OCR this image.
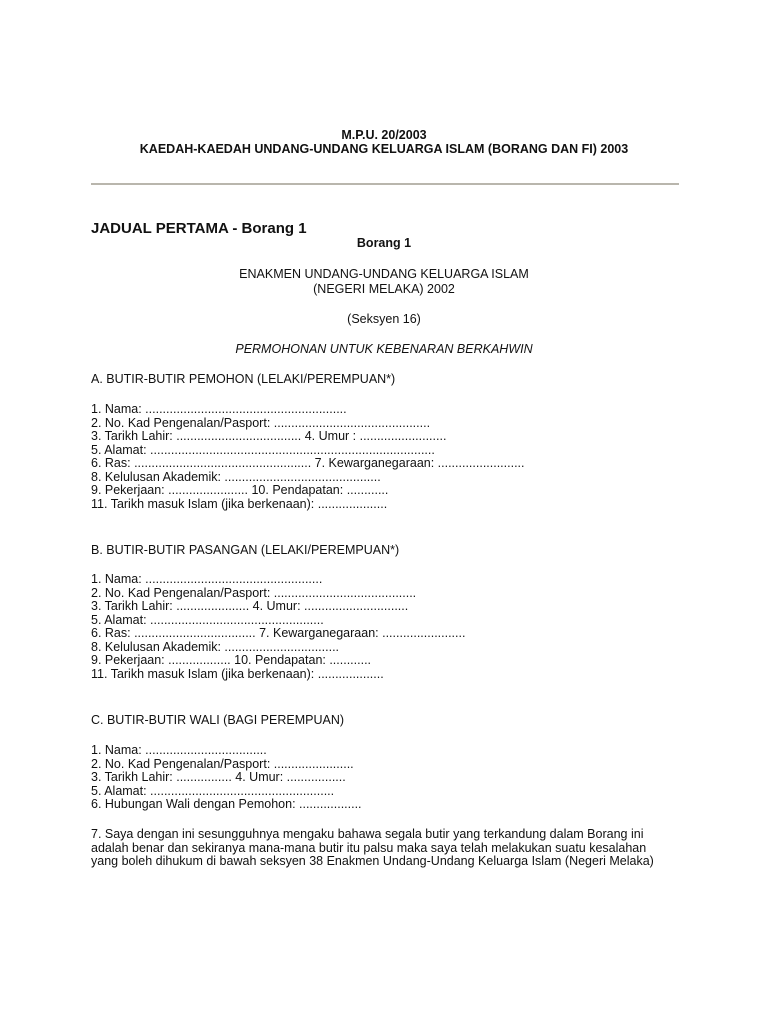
M.P.U. 20/2003
KAEDAH-KAEDAH UNDANG-UNDANG KELUARGA ISLAM (BORANG DAN FI) 2003
JADUAL PERTAMA - Borang 1
Borang 1
ENAKMEN UNDANG-UNDANG KELUARGA ISLAM
(NEGERI MELAKA) 2002
(Seksyen 16)
PERMOHONAN UNTUK KEBENARAN BERKAHWIN
A. BUTIR-BUTIR PEMOHON (LELAKI/PEREMPUAN*)
1. Nama: ..........................................................
2. No. Kad Pengenalan/Pasport: .............................................
3. Tarikh Lahir: .................................... 4. Umur : .........................
5. Alamat: ..................................................................................
6. Ras: ................................................... 7. Kewarganegaraan: .........................
8. Kelulusan Akademik: .............................................
9. Pekerjaan: ....................... 10. Pendapatan: ............
11. Tarikh masuk Islam (jika berkenaan): ....................
B. BUTIR-BUTIR PASANGAN (LELAKI/PEREMPUAN*)
1. Nama: ...................................................
2. No. Kad Pengenalan/Pasport: .........................................
3. Tarikh Lahir: ..................... 4. Umur: ..............................
5. Alamat: ..................................................
6. Ras: ................................... 7. Kewarganegaraan: ........................
8. Kelulusan Akademik: .................................
9. Pekerjaan: .................. 10. Pendapatan: ............
11. Tarikh masuk Islam (jika berkenaan): ...................
C. BUTIR-BUTIR WALI (BAGI PEREMPUAN)
1. Nama: ...................................
2. No. Kad Pengenalan/Pasport: .......................
3. Tarikh Lahir: ................ 4. Umur: .................
5. Alamat: .....................................................
6. Hubungan Wali dengan Pemohon: ..................
7. Saya dengan ini sesungguhnya mengaku bahawa segala butir yang terkandung dalam Borang ini
adalah benar dan sekiranya mana-mana butir itu palsu maka saya telah melakukan suatu kesalahan
yang boleh dihukum di bawah seksyen 38 Enakmen Undang-Undang Keluarga Islam (Negeri Melaka)
